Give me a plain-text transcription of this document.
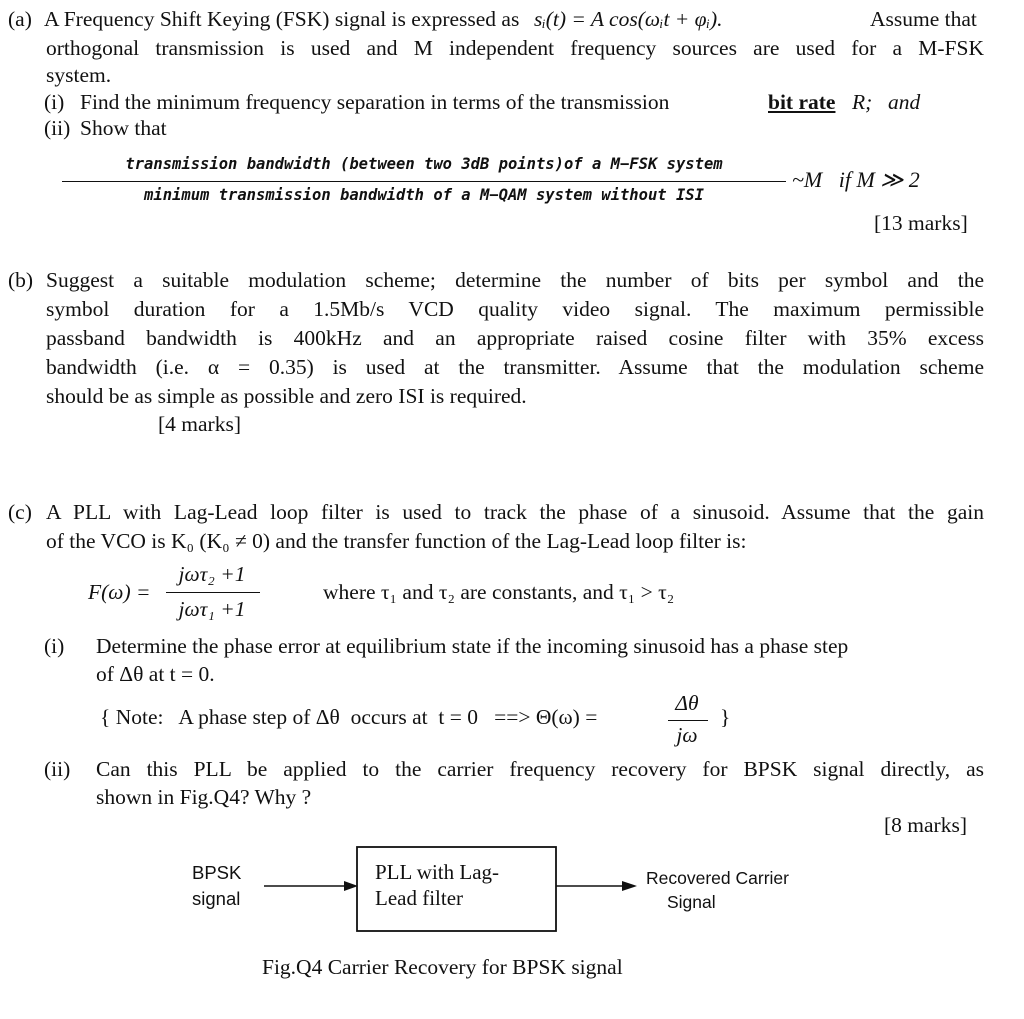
(a) A Frequency Shift Keying (FSK) signal is expressed as sᵢ(t) = A cos(ωᵢt + φᵢ).	Assume that
orthogonal transmission is used and M independent frequency sources are used for a M-FSK
system.
(i) Find the minimum frequency separation in terms of the transmission	bit rate R; and
(ii) Show that
transmission bandwidth (between two 3dB points)of a M−FSK system
minimum transmission bandwidth of a M−QAM system without ISI
~M   if M ≫ 2
[13 marks]
(b) Suggest a suitable modulation scheme; determine the number of bits per symbol and the
symbol duration for a 1.5Mb/s VCD quality video signal. The maximum permissible
passband bandwidth is 400kHz and an appropriate raised cosine filter with 35% excess
bandwidth (i.e. α = 0.35) is used at the transmitter. Assume that the modulation scheme
should be as simple as possible and zero ISI is required.
[4 marks]
(c) A PLL with Lag-Lead loop filter is used to track the phase of a sinusoid. Assume that the gain
of the VCO is K₀ (K₀ ≠ 0) and the transfer function of the Lag-Lead loop filter is:
F(ω) =
jωτ₂ +1
jωτ₁ +1
where τ₁ and τ₂ are constants, and τ₁ > τ₂
(i) Determine the phase error at equilibrium state if the incoming sinusoid has a phase step
of Δθ at t = 0.
{ Note:   A phase step of Δθ  occurs at  t = 0   ==> Θ(ω) =
Δθ
jω
}
(ii) Can this PLL be applied to the carrier frequency recovery for BPSK signal directly, as
shown in Fig.Q4? Why ?
[8 marks]
BPSK
signal
PLL with Lag-
Lead filter
Recovered Carrier
Signal
Fig.Q4 Carrier Recovery for BPSK signal
